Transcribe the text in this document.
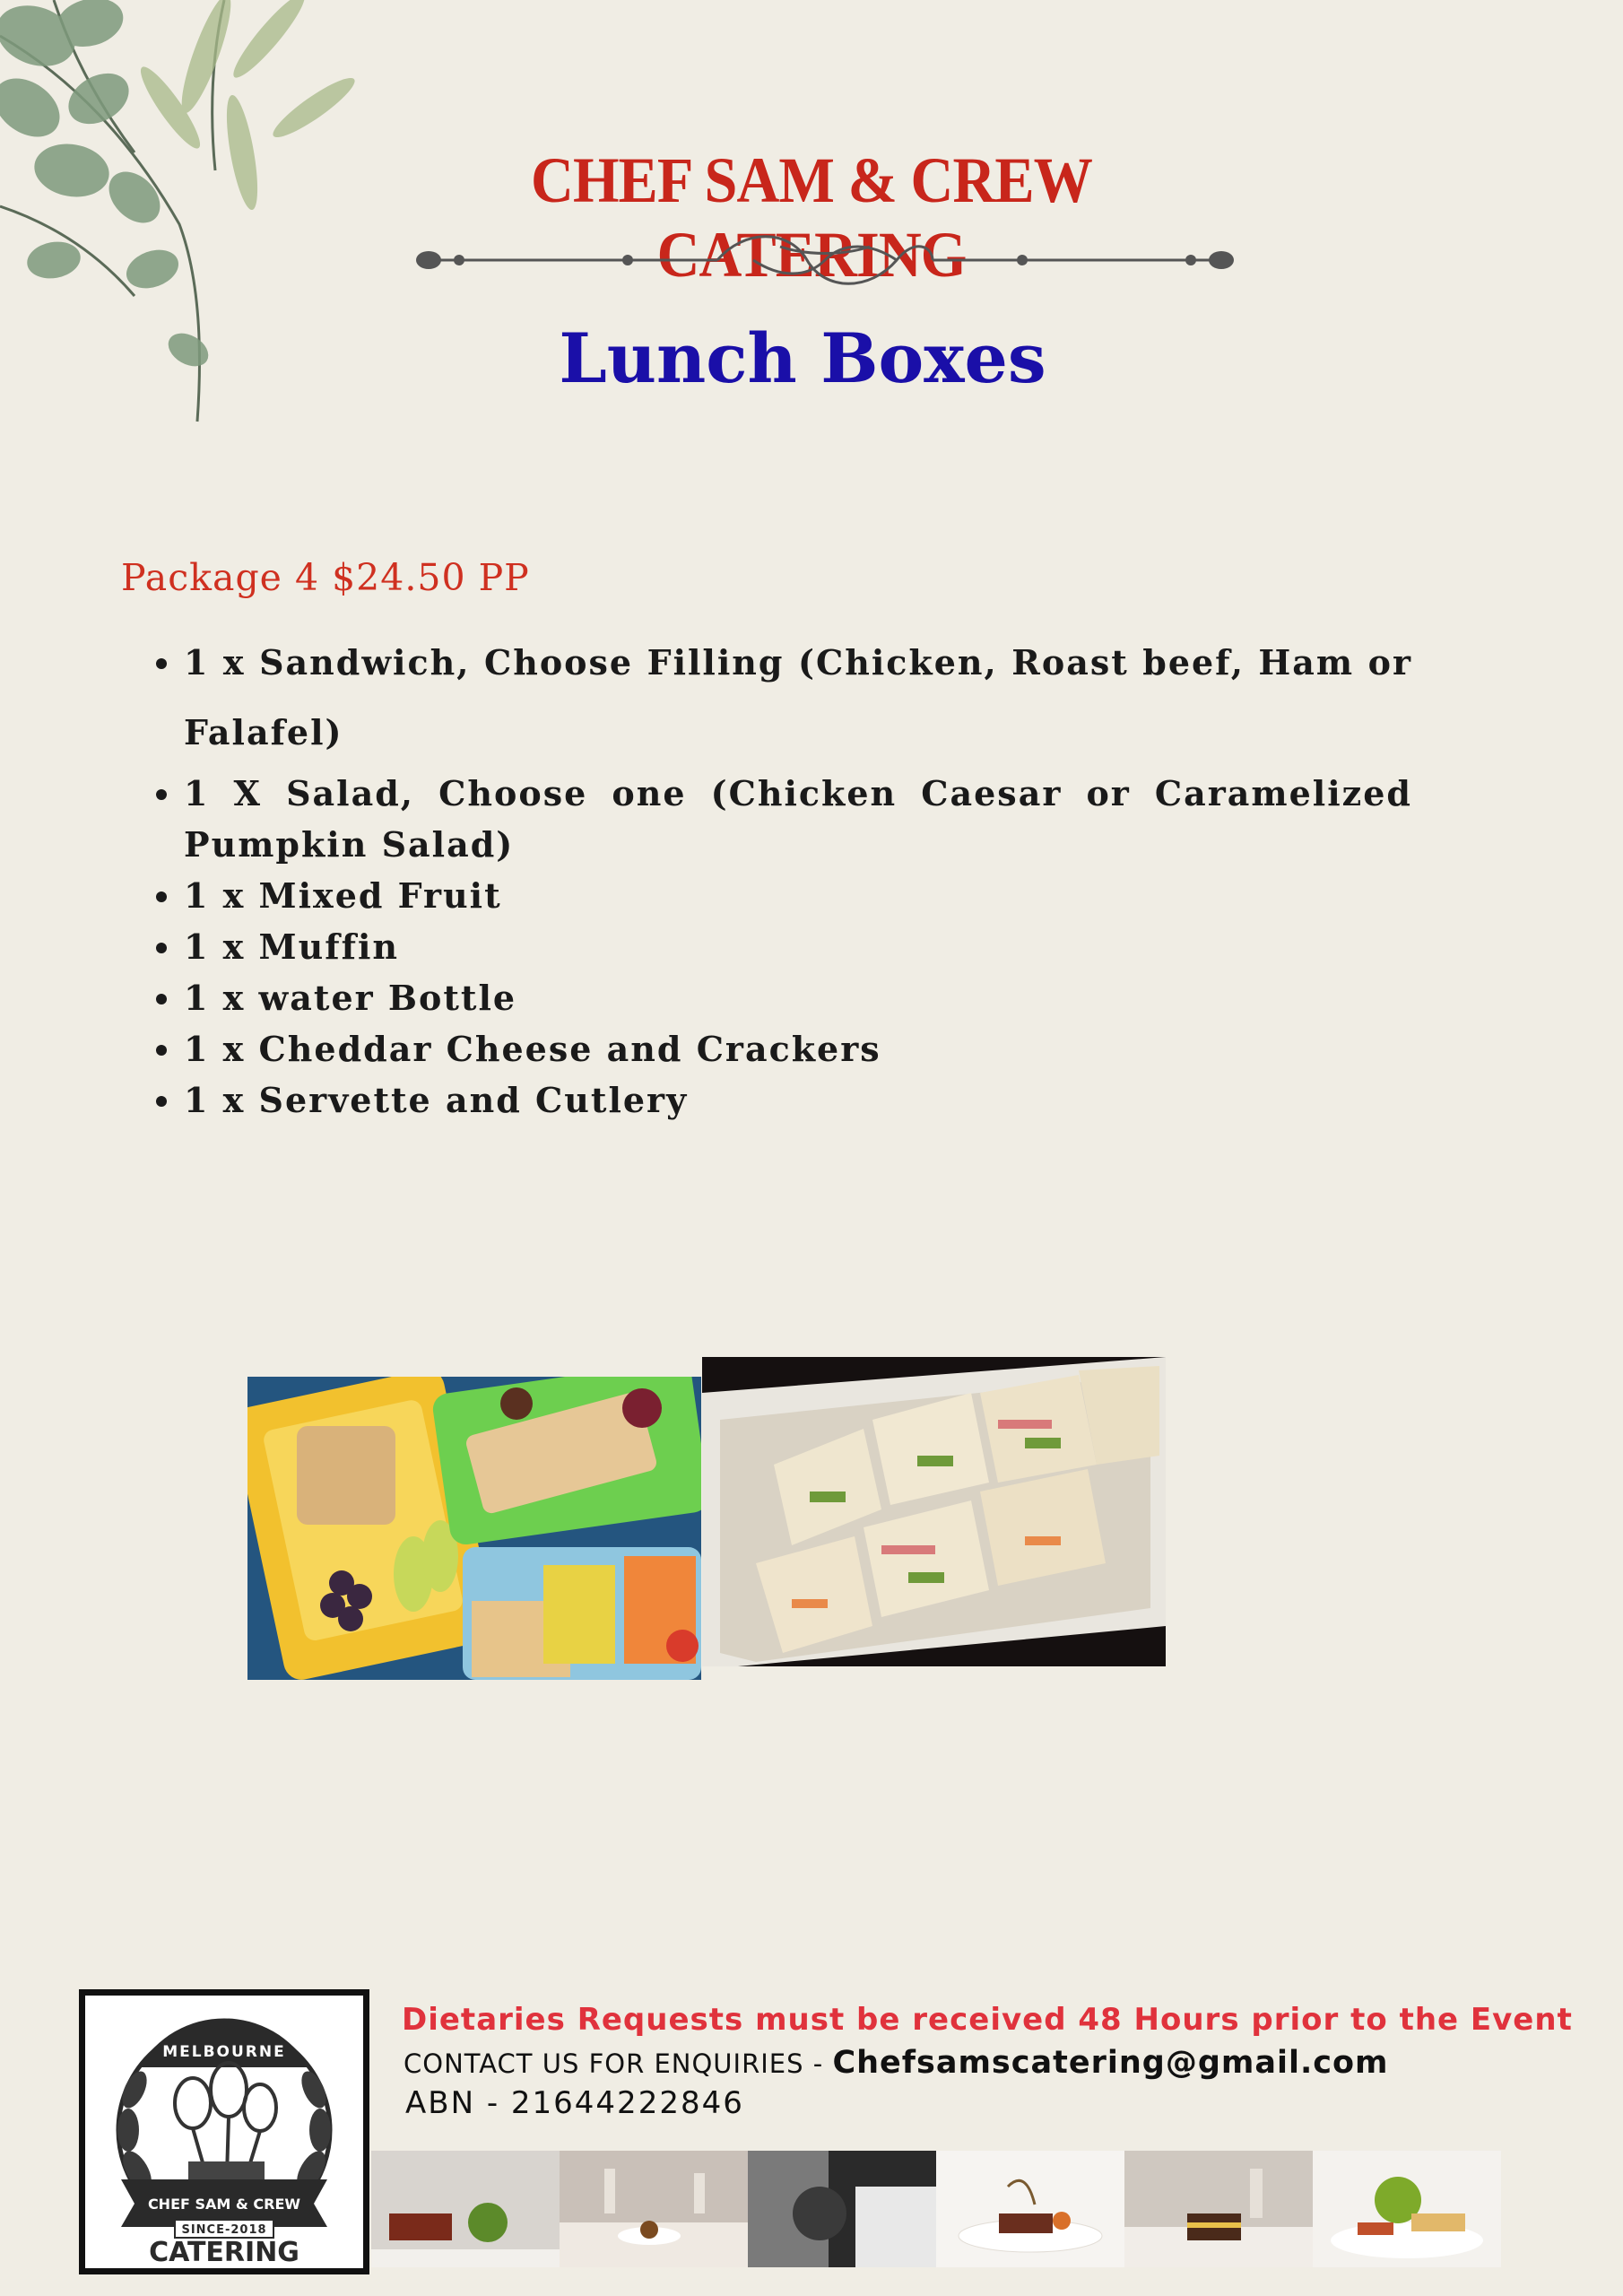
CHEF SAM & CREW CATERING
Lunch Boxes
Package 4 $24.50 PP
• 1 x Sandwich, Choose Filling (Chicken, Roast beef, Ham or Falafel)
• 1 X Salad, Choose one (Chicken Caesar or Caramelized Pumpkin Salad)
• 1 x Mixed Fruit
• 1 x Muffin
• 1 x water Bottle
• 1 x Cheddar Cheese and Crackers
• 1 x Servette and Cutlery
MELBOURNE
CHEF SAM & CREW
SINCE-2018
CATERING
Dietaries Requests must be received 48 Hours prior to the Event
CONTACT US FOR ENQUIRIES - Chefsamscatering@gmail.com
ABN - 21644222846
